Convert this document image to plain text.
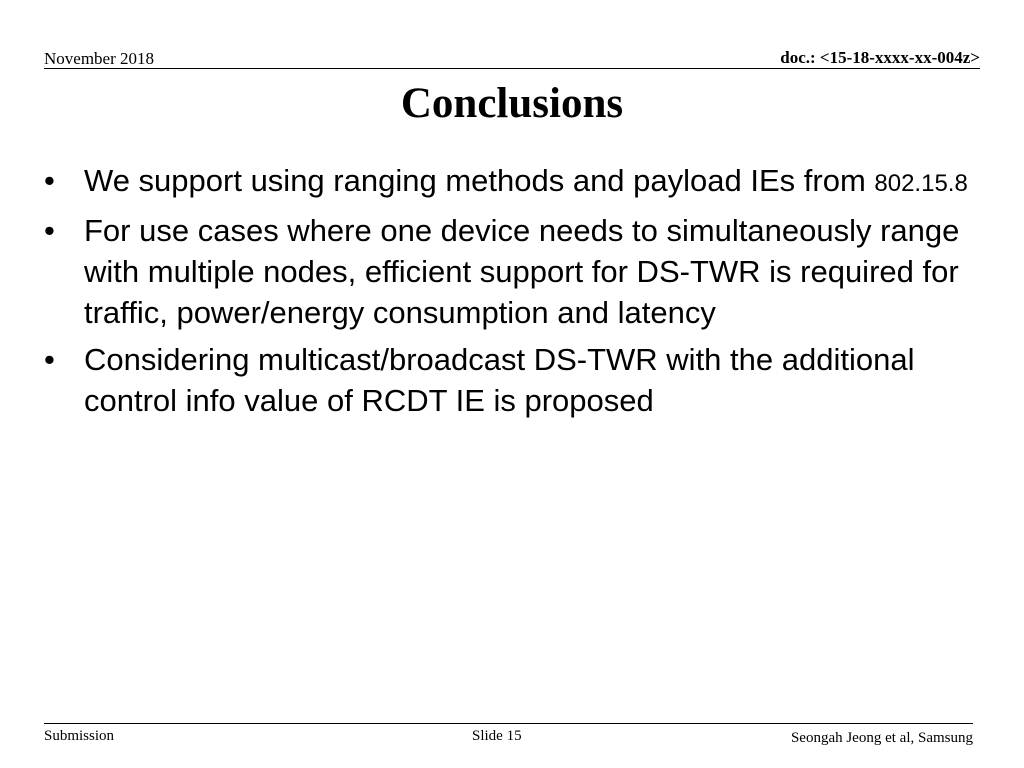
November 2018	doc.: <15-18-xxxx-xx-004z>
Conclusions
• We support using ranging methods and payload IEs from 802.15.8
• For use cases where one device needs to simultaneously range with multiple nodes, efficient support for DS-TWR is required for traffic, power/energy consumption and latency
• Considering multicast/broadcast DS-TWR with the additional control info value of RCDT IE is proposed
Submission	Slide 15	Seongah Jeong et al, Samsung
